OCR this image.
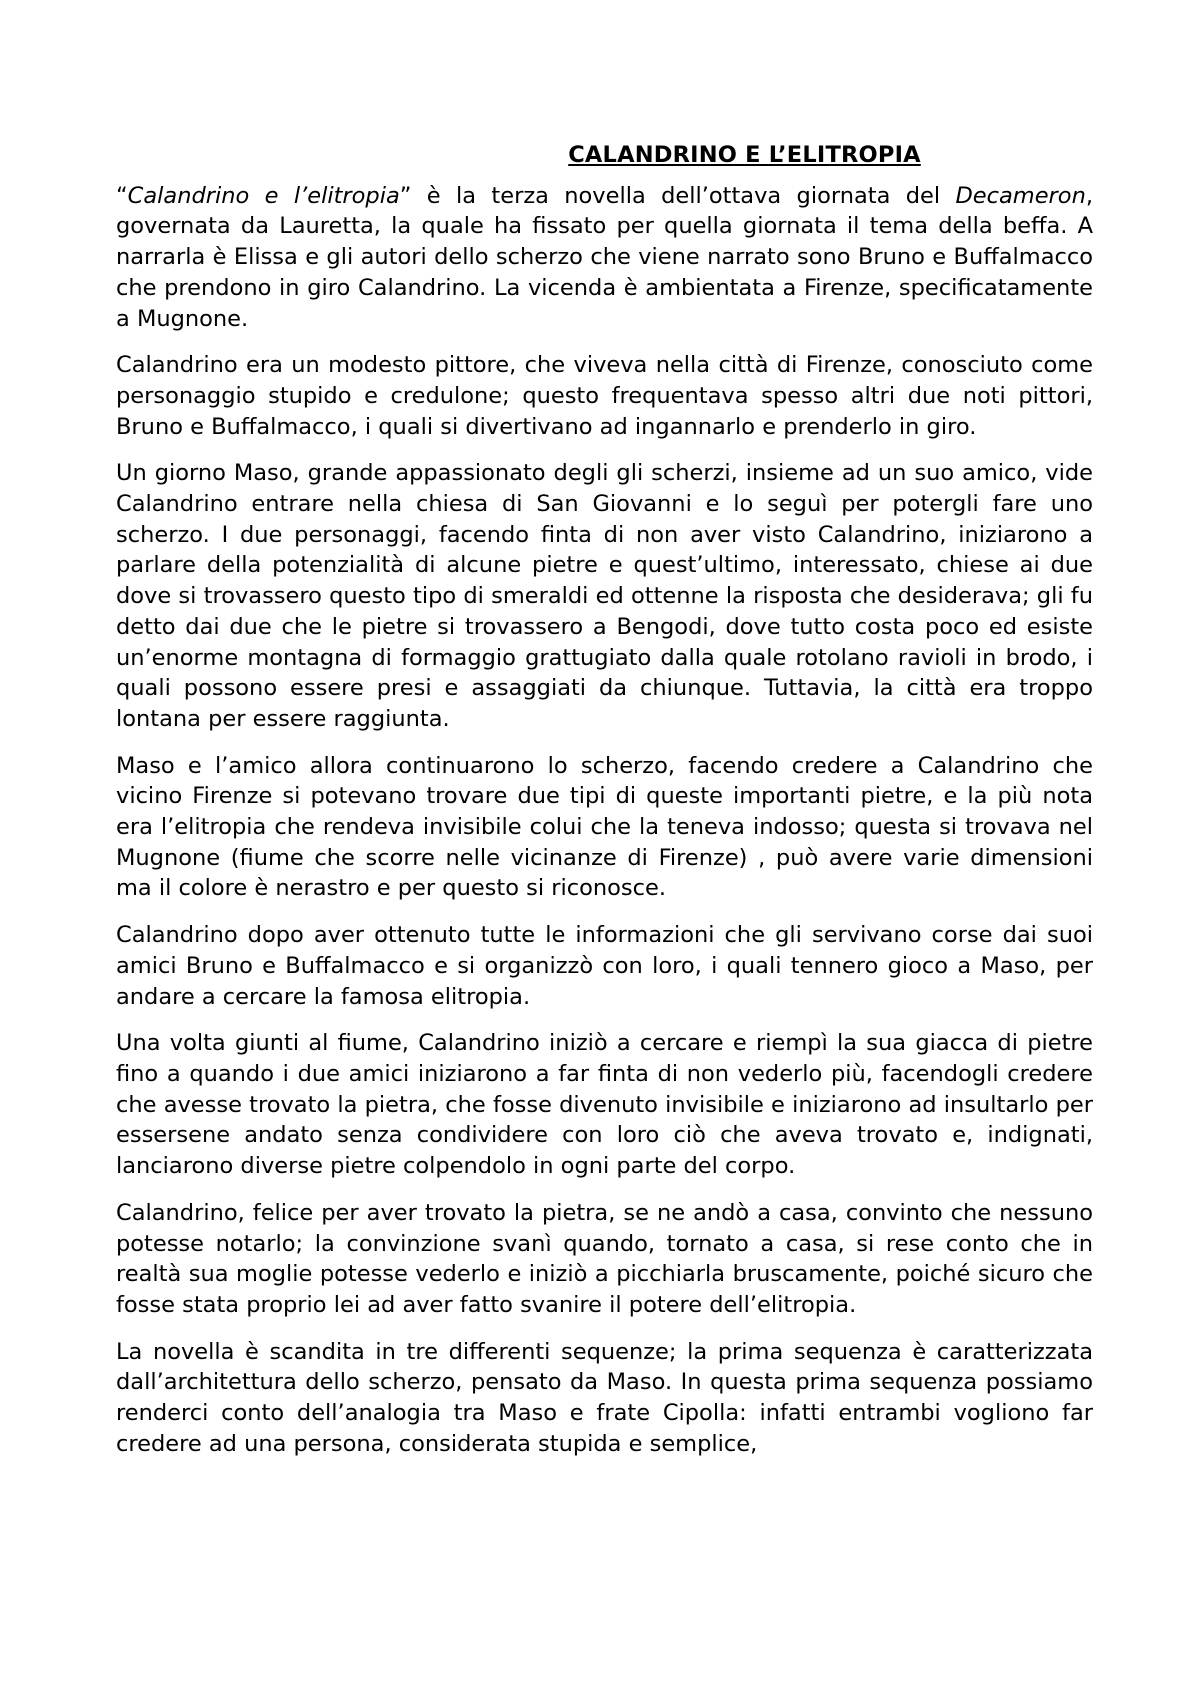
CALANDRINO E L’ELITROPIA

“Calandrino e l’elitropia” è la terza novella dell’ottava giornata del Decameron, governata da Lauretta, la quale ha fissato per quella giornata il tema della beffa. A narrarla è Elissa e gli autori dello scherzo che viene narrato sono Bruno e Buffalmacco che prendono in giro Calandrino. La vicenda è ambientata a Firenze, specificatamente a Mugnone.

Calandrino era un modesto pittore, che viveva nella città di Firenze, conosciuto come personaggio stupido e credulone; questo frequentava spesso altri due noti pittori, Bruno e Buffalmacco, i quali si divertivano ad ingannarlo e prenderlo in giro.

Un giorno Maso, grande appassionato degli gli scherzi, insieme ad un suo amico, vide Calandrino entrare nella chiesa di San Giovanni e lo seguì per potergli fare uno scherzo. I due personaggi, facendo finta di non aver visto Calandrino, iniziarono a parlare della potenzialità di alcune pietre e quest’ultimo, interessato, chiese ai due dove si trovassero questo tipo di smeraldi ed ottenne la risposta che desiderava; gli fu detto dai due che le pietre si trovassero a Bengodi, dove tutto costa poco ed esiste un’enorme montagna di formaggio grattugiato dalla quale rotolano ravioli in brodo, i quali possono essere presi e assaggiati da chiunque. Tuttavia, la città era troppo lontana per essere raggiunta.

Maso e l’amico allora continuarono lo scherzo, facendo credere a Calandrino che vicino Firenze si potevano trovare due tipi di queste importanti pietre, e la più nota era l’elitropia che rendeva invisibile colui che la teneva indosso; questa si trovava nel Mugnone (fiume che scorre nelle vicinanze di Firenze) , può avere varie dimensioni ma il colore è nerastro e per questo si riconosce.

Calandrino dopo aver ottenuto tutte le informazioni che gli servivano corse dai suoi amici Bruno e Buffalmacco e si organizzò con loro, i quali tennero gioco a Maso, per andare a cercare la famosa elitropia.

Una volta giunti al fiume, Calandrino iniziò a cercare e riempì la sua giacca di pietre fino a quando i due amici iniziarono a far finta di non vederlo più, facendogli credere che avesse trovato la pietra, che fosse divenuto invisibile e iniziarono ad insultarlo per essersene andato senza condividere con loro ciò che aveva trovato e, indignati, lanciarono diverse pietre colpendolo in ogni parte del corpo.

Calandrino, felice per aver trovato la pietra, se ne andò a casa, convinto che nessuno potesse notarlo; la convinzione svanì quando, tornato a casa, si rese conto che in realtà sua moglie potesse vederlo e iniziò a picchiarla bruscamente, poiché sicuro che fosse stata proprio lei ad aver fatto svanire il potere dell’elitropia.

La novella è scandita in tre differenti sequenze; la prima sequenza è caratterizzata dall’architettura dello scherzo, pensato da Maso. In questa prima sequenza possiamo renderci conto dell’analogia tra Maso e frate Cipolla: infatti entrambi vogliono far credere ad una persona, considerata stupida e semplice,
